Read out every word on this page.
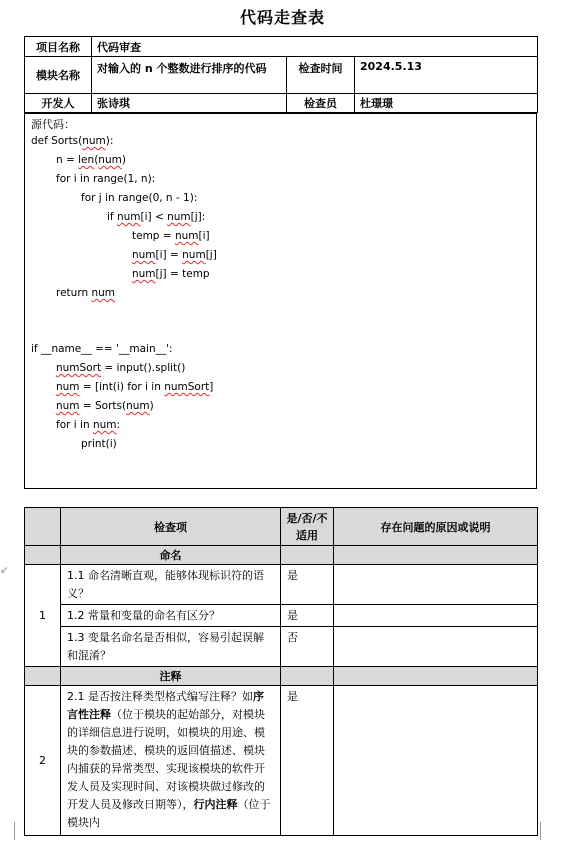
代码走查表
项目名称	代码审查		
模块名称	对输入的 n 个整数进行排序的代码	检查时间	2024.5.13
开发人	张诗琪	检查员	杜璟璟
源代码：
def Sorts(num):
n = len(num)
for i in range(1, n):
for j in range(0, n - 1):
if num[i] < num[j]:
temp = num[i]
num[i] = num[j]
num[j] = temp
return num
if __name__ == '__main__':
numSort = input().split()
num = [int(i) for i in numSort]
num = Sorts(num)
for i in num:
print(i)
	检查项	是/否/不适用	存在问题的原因或说明
	命名		
1	1.1 命名清晰直观，能够体现标识符的语义？	是	
	1.2 常量和变量的命名有区分？	是	
	1.3 变量名命名是否相似，容易引起误解和混淆？	否	
	注释		
2	2.1 是否按注释类型格式编写注释？如序言性注释（位于模块的起始部分，对模块的详细信息进行说明，如模块的用途、模块的参数描述、模块的返回值描述、模块内捕获的异常类型、实现该模块的软件开发人员及实现时间、对该模块做过修改的开发人员及修改日期等），行内注释（位于模块内	是	
↙
